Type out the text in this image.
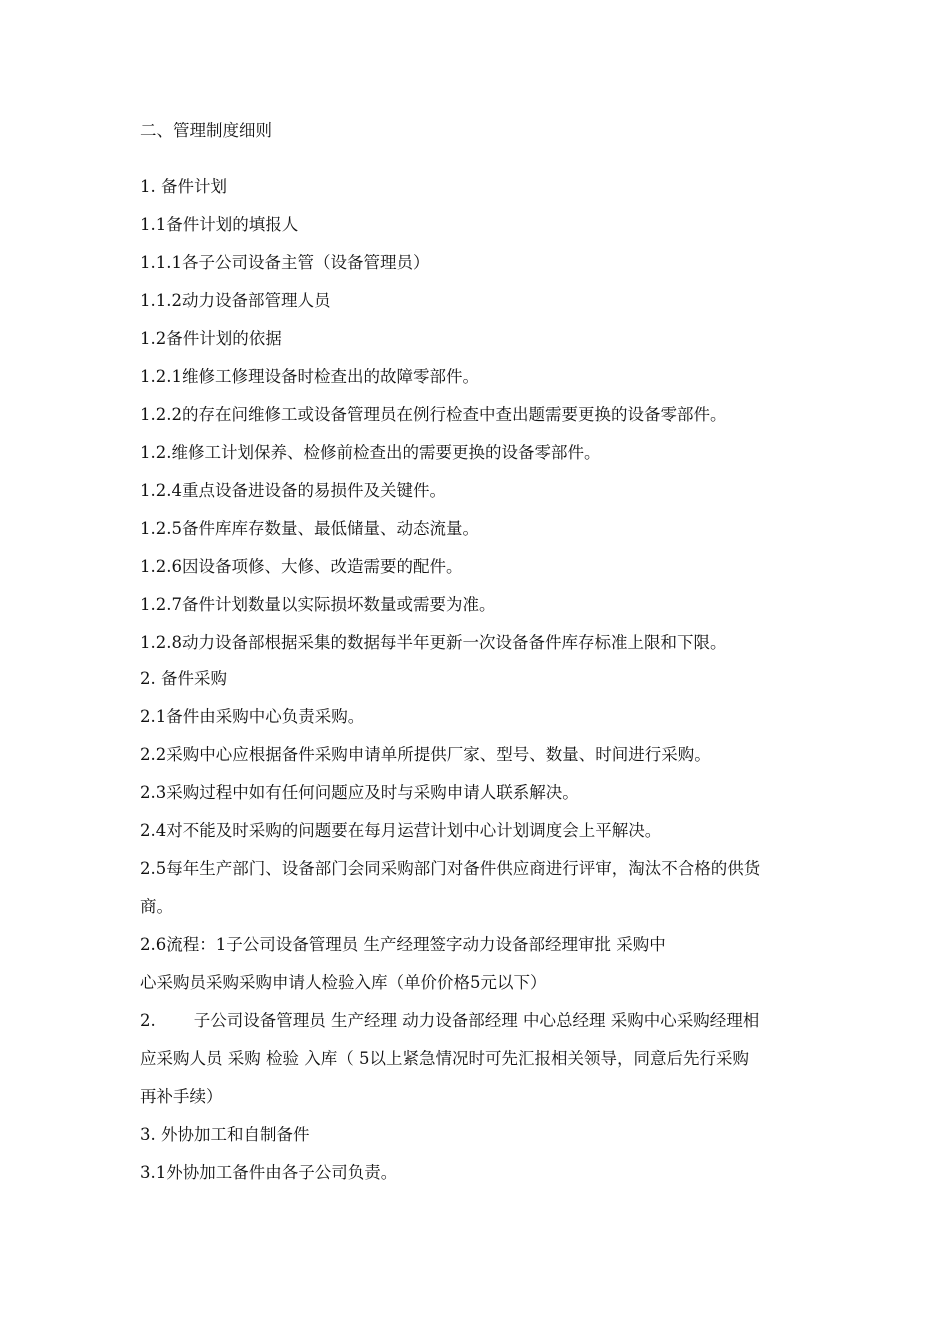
二、管理制度细则
1. 备件计划
1.1备件计划的填报人
1.1.1各子公司设备主管（设备管理员）
1.1.2动力设备部管理人员
1.2备件计划的依据
1.2.1维修工修理设备时检查出的故障零部件。
1.2.2的存在问维修工或设备管理员在例行检查中查出题需要更换的设备零部件。
1.2.维修工计划保养、检修前检查出的需要更换的设备零部件。
1.2.4重点设备进设备的易损件及关键件。
1.2.5备件库库存数量、最低储量、动态流量。
1.2.6因设备项修、大修、改造需要的配件。
1.2.7备件计划数量以实际损坏数量或需要为准。
1.2.8动力设备部根据采集的数据每半年更新一次设备备件库存标准上限和下限。
2. 备件采购
2.1备件由采购中心负责采购。
2.2采购中心应根据备件采购申请单所提供厂家、型号、数量、时间进行采购。
2.3采购过程中如有任何问题应及时与采购申请人联系解决。
2.4对不能及时采购的问题要在每月运营计划中心计划调度会上平解决。
2.5每年生产部门、设备部门会同采购部门对备件供应商进行评审，淘汰不合格的供货
商。
2.6流程：1子公司设备管理员 生产经理签字动力设备部经理审批 采购中
心采购员采购采购申请人检验入库（单价价格5元以下）
2. 子公司设备管理员 生产经理 动力设备部经理 中心总经理 采购中心采购经理相
应采购人员 采购 检验 入库（ 5以上紧急情况时可先汇报相关领导，同意后先行采购
再补手续）
3. 外协加工和自制备件
3.1外协加工备件由各子公司负责。
